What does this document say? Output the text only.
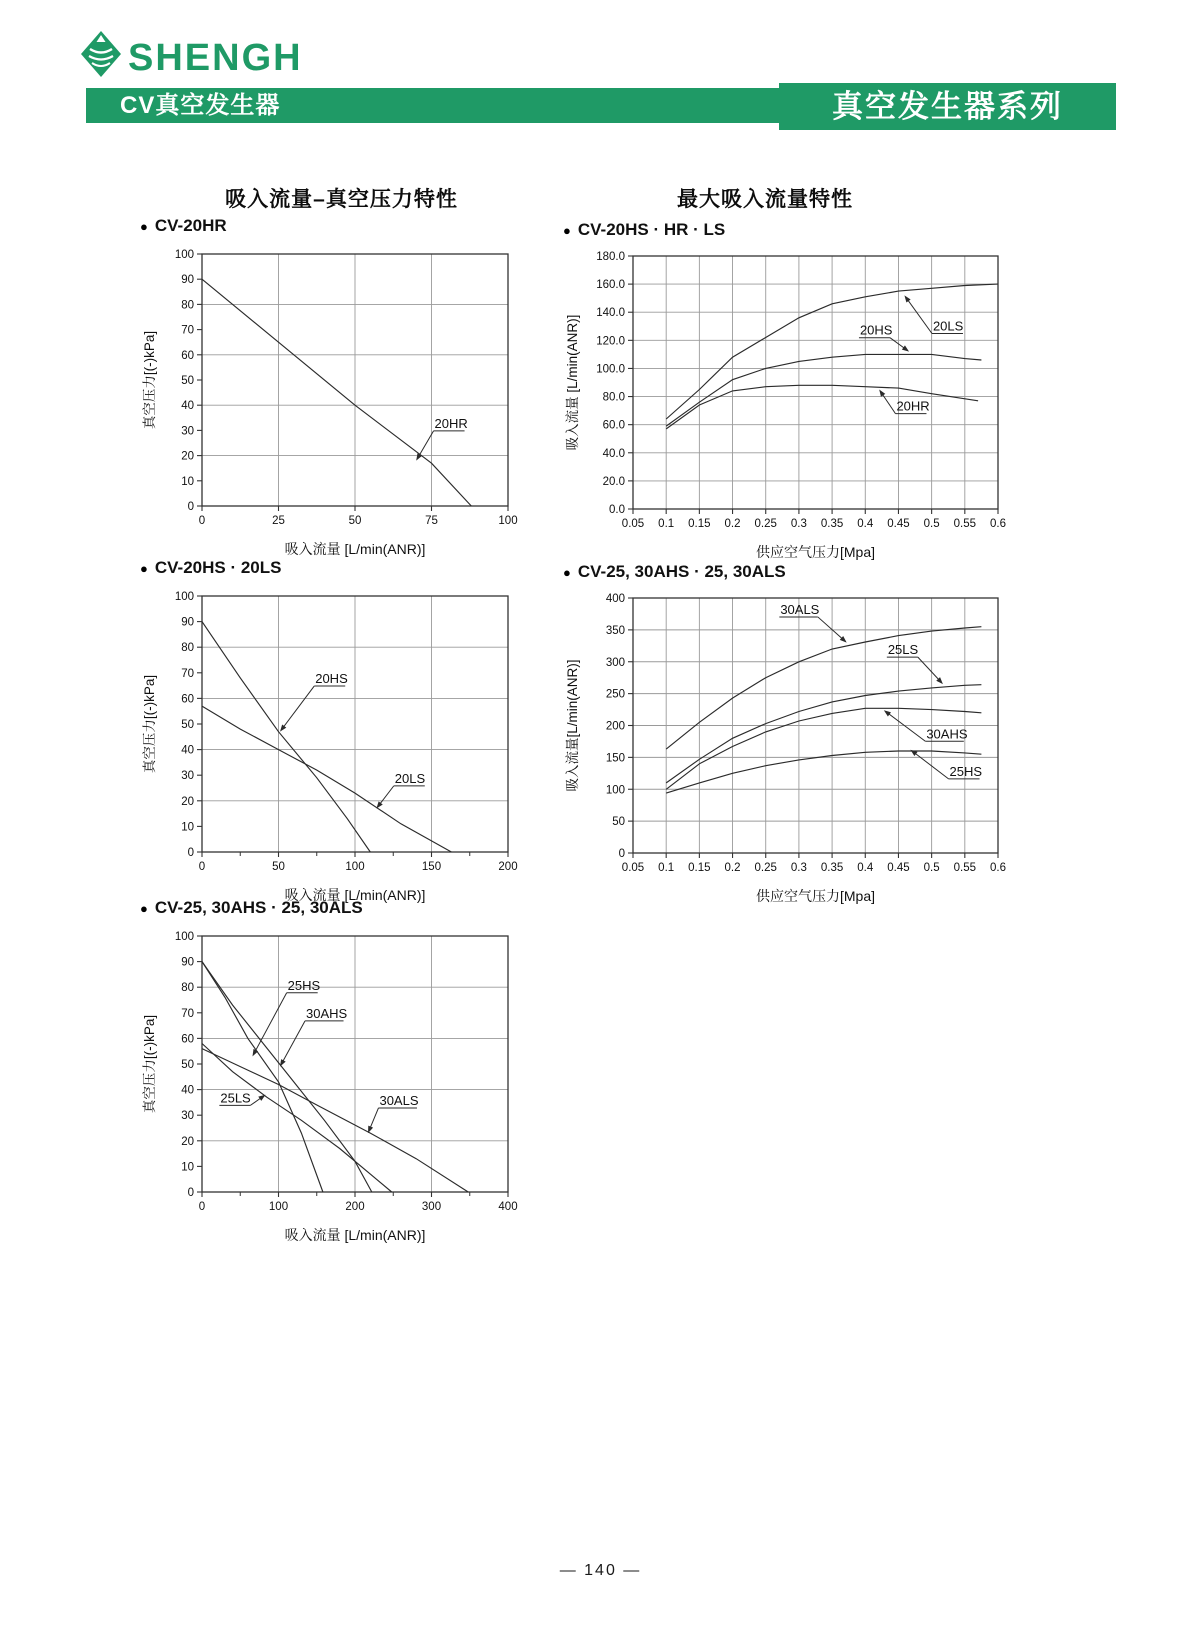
SHENGH
CV真空发生器	真空发生器系列
吸入流量–真空压力特性	最大吸入流量特性
● CV-20HR
0	25	50	75	100
0
10
20
30
40
50
60
70
80
90
100
20HR
吸入流量 [L/min(ANR)]
真空压力[(-)kPa]
● CV-20HS · 20LS
0	50	100	150	200
0
10
20
30
40
50
60
70
80
90
100
20HS
20LS
吸入流量 [L/min(ANR)]
真空压力[(-)kPa]
● CV-25, 30AHS · 25, 30ALS
0	100	200	300	400
0
10
20
30
40
50
60
70
80
90
100
25HS
30AHS
25LS	30ALS
吸入流量 [L/min(ANR)]
真空压力[(-)kPa]
● CV-20HS · HR · LS
0.05 0.1 0.15 0.2 0.25 0.3 0.35 0.4 0.45 0.5 0.55 0.6
0.0
20.0
40.0
60.0
80.0
100.0
120.0
140.0
160.0
180.0
20HS	20LS
20HR
供应空气压力[Mpa]
吸入流量 [L/min(ANR)]
● CV-25, 30AHS · 25, 30ALS
0.05 0.1 0.15 0.2 0.25 0.3 0.35 0.4 0.45 0.5 0.55 0.6
0
50
100
150
200
250
300
350
400
30ALS
25LS
30AHS
25HS
供应空气压力[Mpa]
吸入流量[L/min(ANR)]
— 140 —
